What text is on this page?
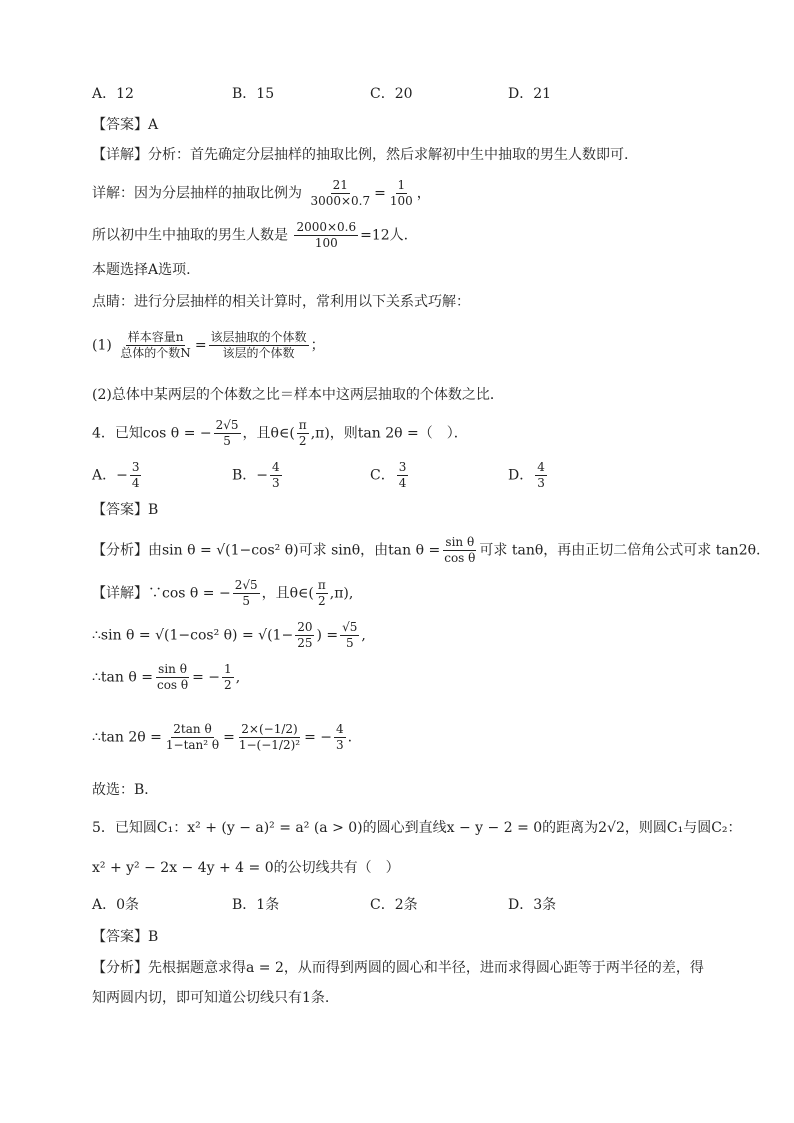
A．12	B．15	C．20	D．21
【答案】A
【详解】分析：首先确定分层抽样的抽取比例，然后求解初中生中抽取的男生人数即可.
详解：因为分层抽样的抽取比例为 $\frac{21}{3000\times 0.7} = \frac{1}{100}$ ，
所以初中生中抽取的男生人数是 $\frac{2000\times 0.6}{100} =12$人.
本题选择A选项.
点睛：进行分层抽样的相关计算时，常利用以下关系式巧解：
$(1) \frac{\text{样本容量n}}{\text{总体的个数N}} = \frac{\text{该层抽取的个体数}}{\text{该层的个体数}}$ ；
(2)总体中某两层的个体数之比＝样本中这两层抽取的个体数之比．
4．已知cos θ = − $\frac{2√5}{5}$ ，且θ∈( $\frac{\pi}{2} ,\pi$)，则tan 2θ =（　）．
A．− $\frac{3}{4}$	B．− $\frac{4}{3}$	C． $\frac{3}{4}$	D． $\frac{4}{3}$
【答案】B
【分析】由sin θ = √(1−cos² θ)可求 sinθ，由$\tan \theta = \frac{\text{sin θ}}{\text{cos θ}}$ 可求 tanθ，再由正切二倍角公式可求 tan2θ.
【详解】∵cos θ = − $\frac{2√5}{5}$ ，且θ∈( $\frac{\pi}{2} ,\pi$),
∴sin θ = √(1−cos² $\theta) = √(1- \frac{20}{25}$ ) = $\frac{√5}{5}$ ,
∴tan $\theta = \frac{\text{sin θ}}{\text{cos θ}}$ = − $\frac{1}{2}$ ,
∴tan $2\theta = \frac{\text{2tan θ}}{\text{1−tan² θ}} = \frac{2\times(-1/2)}{\text{1−(−1/2)²}}$ = − $\frac{4}{3}$ .
故选：B．
5．已知圆C₁：x² + (y − a)² = a² (a > 0)的圆心到直线x − y − 2 = 0的距离为2√2，则圆C₁与圆C₂：
x² + y² − 2x − 4y + 4 = 0的公切线共有（　）
A．0条	B．1条	C．2条	D．3条
【答案】B
【分析】先根据题意求得a = 2，从而得到两圆的圆心和半径，进而求得圆心距等于两半径的差，得
知两圆内切，即可知道公切线只有1条.
